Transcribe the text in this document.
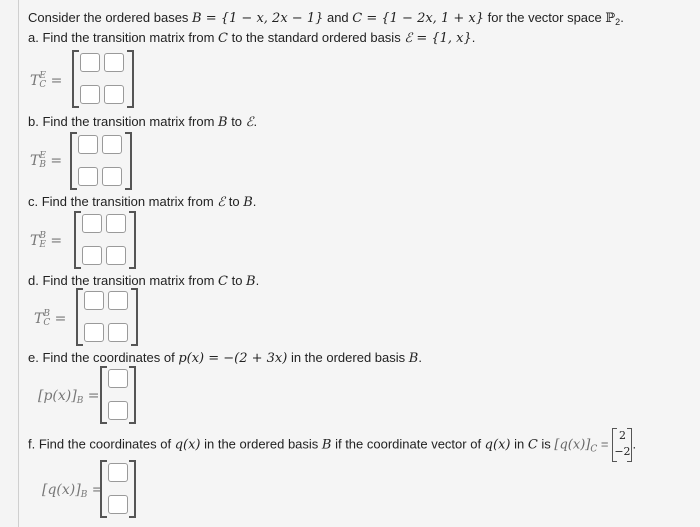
Consider the ordered bases B = {1 − x, 2x − 1} and C = {1 − 2x, 1 + x} for the vector space ℙ$_2$.
a. Find the transition matrix from C to the standard ordered basis ℰ = {1, x}.
T E
C =
b. Find the transition matrix from B to ℰ.
T E
B =
c. Find the transition matrix from ℰ to B.
T B
E =
d. Find the transition matrix from C to B.
T B
C =
e. Find the coordinates of p(x) = −(2 + 3x) in the ordered basis B.
$[p(x)]_B$ =
f. Find the coordinates of q(x) in the ordered basis B if the coordinate vector of q(x) in C is $[q(x)]_C$ =
2
−2
.
$[q(x)]_B$ =
